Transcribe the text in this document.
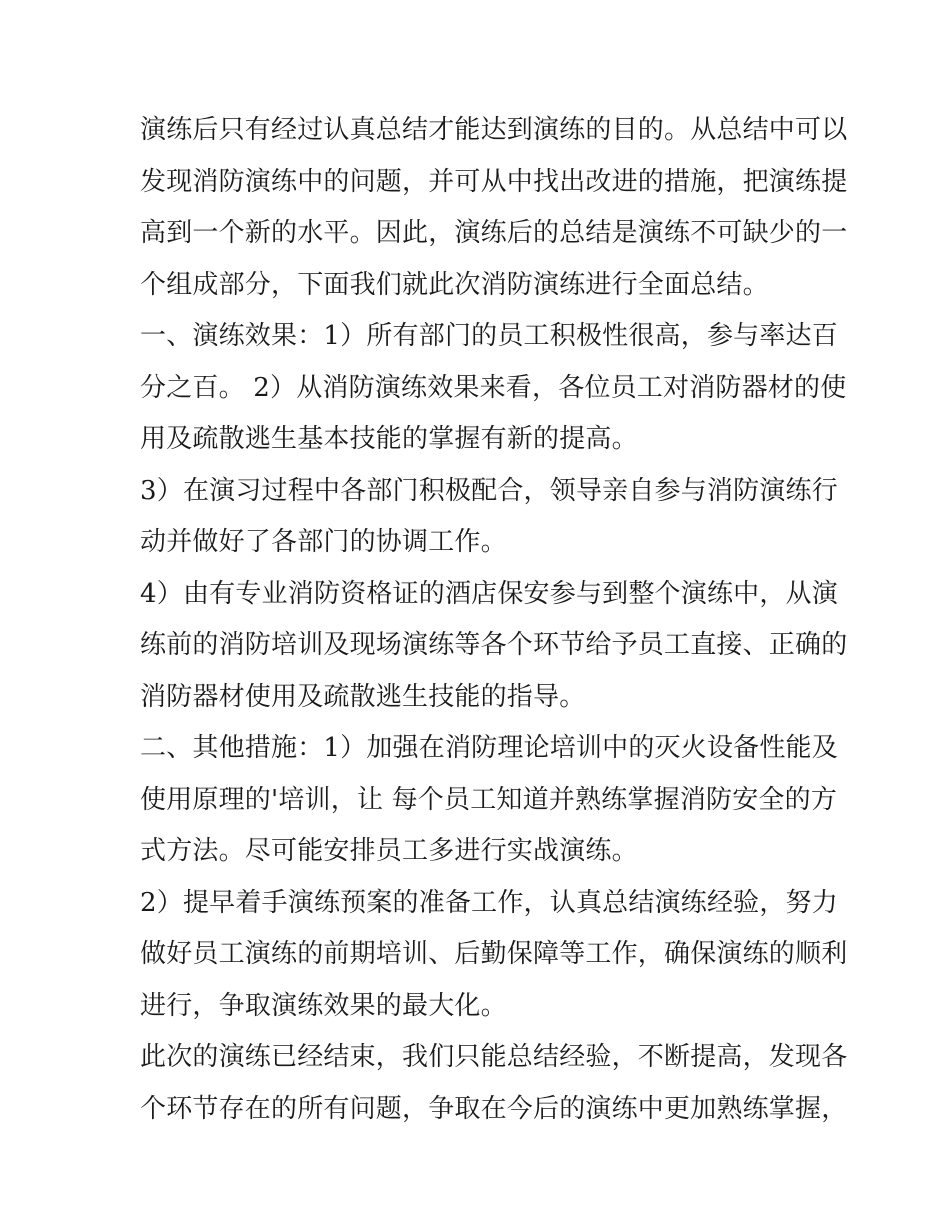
演练后只有经过认真总结才能达到演练的目的。从总结中可以
发现消防演练中的问题，并可从中找出改进的措施，把演练提
高到一个新的水平。因此，演练后的总结是演练不可缺少的一
个组成部分，下面我们就此次消防演练进行全面总结。
一、演练效果：1）所有部门的员工积极性很高，参与率达百
分之百。 2）从消防演练效果来看，各位员工对消防器材的使
用及疏散逃生基本技能的掌握有新的提高。
3）在演习过程中各部门积极配合，领导亲自参与消防演练行
动并做好了各部门的协调工作。
4）由有专业消防资格证的酒店保安参与到整个演练中，从演
练前的消防培训及现场演练等各个环节给予员工直接、正确的
消防器材使用及疏散逃生技能的指导。
二、其他措施：1）加强在消防理论培训中的灭火设备性能及
使用原理的'培训，让 每个员工知道并熟练掌握消防安全的方
式方法。尽可能安排员工多进行实战演练。
2）提早着手演练预案的准备工作，认真总结演练经验，努力
做好员工演练的前期培训、后勤保障等工作，确保演练的顺利
进行，争取演练效果的最大化。
此次的演练已经结束，我们只能总结经验，不断提高，发现各
个环节存在的所有问题，争取在今后的演练中更加熟练掌握，
